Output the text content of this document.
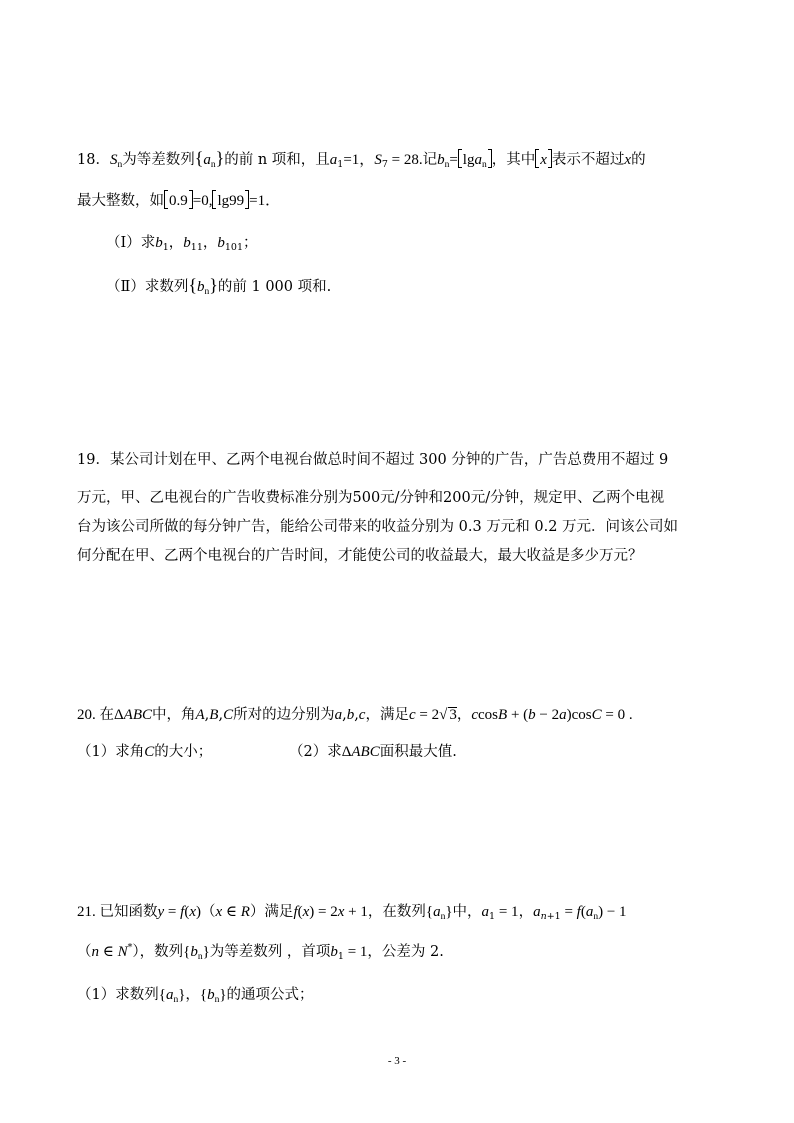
18．$S_n$为等差数列$\{a_n\}$的前 n 项和，且$a_1=1$，$S_7 = 28$.记$b_n= \lg a_n$ ，其中 x 表示不超过x的
最大整数，如 0.9 =0, lg99 =1．
（Ⅰ）求$b_1$，$b_{11}$，$b_{101}$；
（Ⅱ）求数列$\{b_n\}$的前 1 000 项和.
19．某公司计划在甲、乙两个电视台做总时间不超过 300 分钟的广告，广告总费用不超过 9
万元，甲、乙电视台的广告收费标准分别为500元/分钟和200元/分钟，规定甲、乙两个电视
台为该公司所做的每分钟广告，能给公司带来的收益分别为 0.3 万元和 0.2 万元．问该公司如
何分配在甲、乙两个电视台的广告时间，才能使公司的收益最大，最大收益是多少万元？
20. 在ΔABC中，角A,B,C所对的边分别为a,b,c，满足c = 2√ 3，ccosB + (b − 2a)cosC = 0 .
（1）求角C的大小；	（2）求ΔABC面积最大值.
21. 已知函数y = f(x)（x ∈ R）满足f(x) = 2x + 1，在数列$\{a_n\}$中，$a_1 = 1$，$a_{n+1} = f(a_n) - 1$
（n ∈ N*），数列$\{b_n\}$为等差数列 ，首项$b_1 = 1$，公差为 2.
（1）求数列$\{a_n\}$，$\{b_n\}$的通项公式；
- 3 -
